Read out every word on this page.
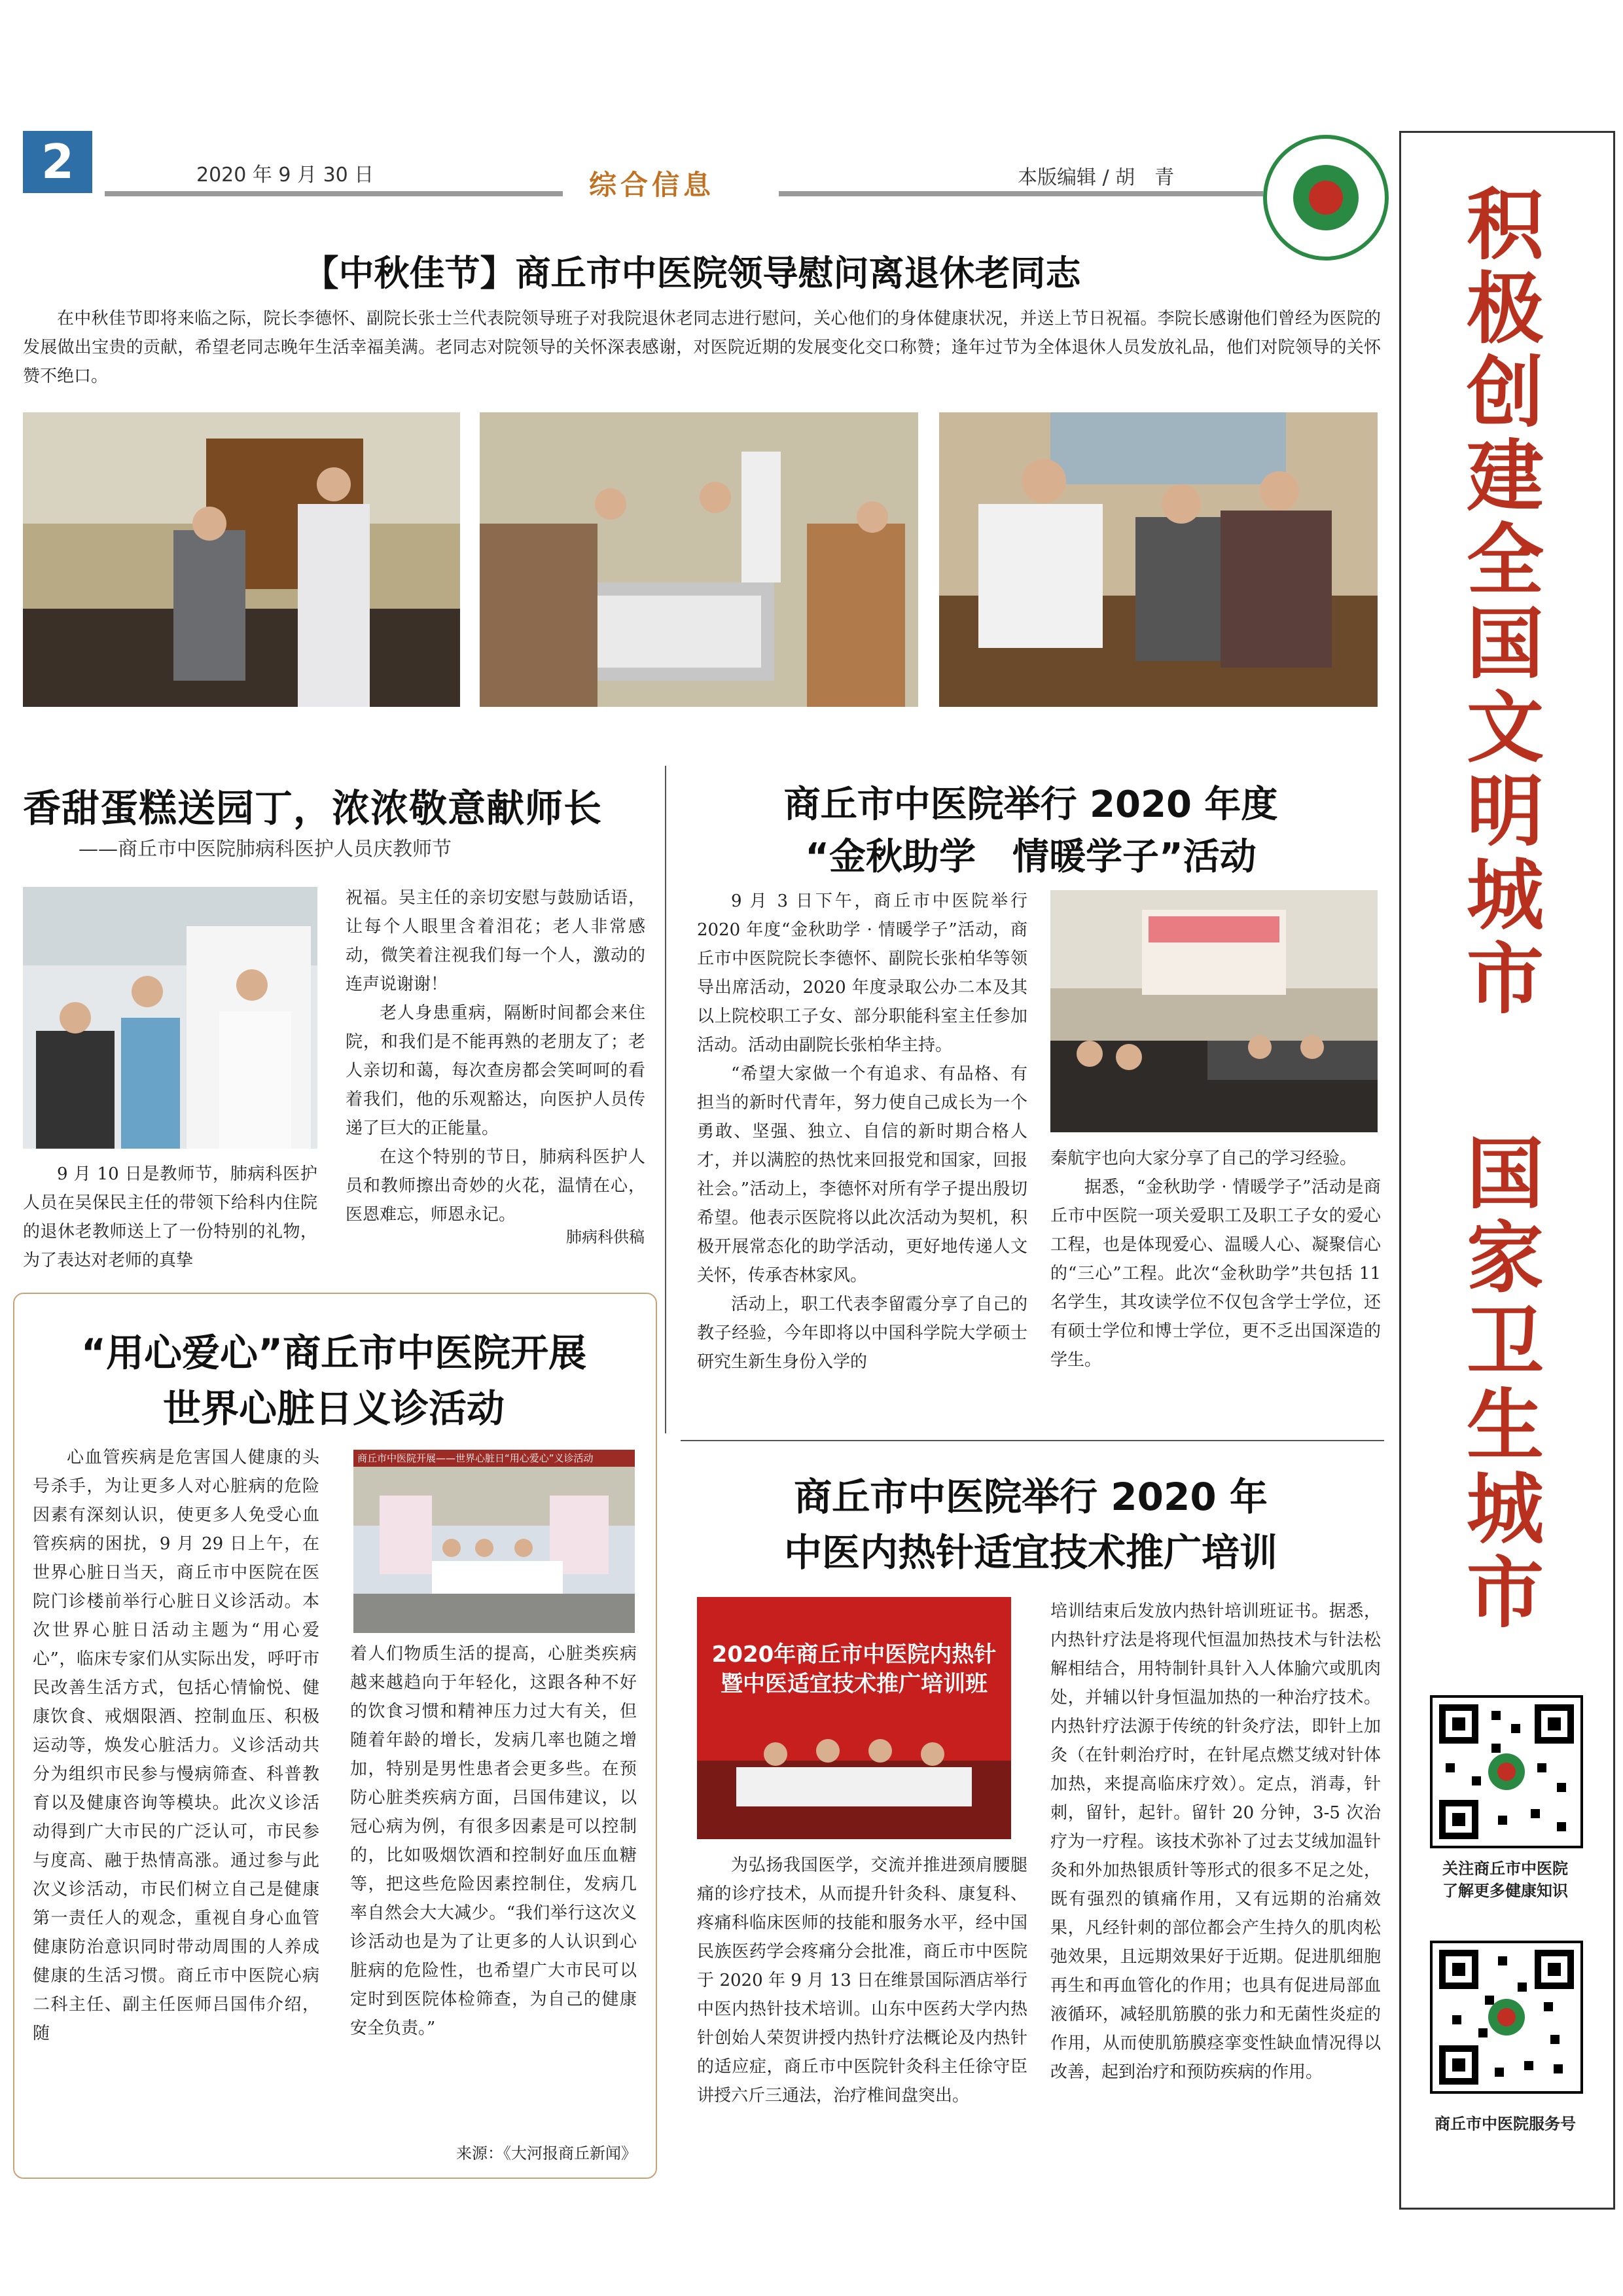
2	2020 年 9 月 30 日	综合信息	本版编辑 / 胡　青
【中秋佳节】商丘市中医院领导慰问离退休老同志

在中秋佳节即将来临之际，院长李德怀、副院长张士兰代表院领导班子对我院退休老同志进行慰问，关心他们的身体健康状况，并送上节日祝福。李院长感谢他们曾经为医院的发展做出宝贵的贡献，希望老同志晚年生活幸福美满。老同志对院领导的关怀深表感谢，对医院近期的发展变化交口称赞；逢年过节为全体退休人员发放礼品，他们对院领导的关怀赞不绝口。

香甜蛋糕送园丁，浓浓敬意献师长
——商丘市中医院肺病科医护人员庆教师节

9 月 10 日是教师节，肺病科医护人员在吴保民主任的带领下给科内住院的退休老教师送上了一份特别的礼物，为了表达对老师的真挚

祝福。吴主任的亲切安慰与鼓励话语，让每个人眼里含着泪花；老人非常感动，微笑着注视我们每一个人，激动的连声说谢谢！

老人身患重病，隔断时间都会来住院，和我们是不能再熟的老朋友了；老人亲切和蔼，每次查房都会笑呵呵的看着我们，他的乐观豁达，向医护人员传递了巨大的正能量。

在这个特别的节日，肺病科医护人员和教师擦出奇妙的火花，温情在心，医恩难忘，师恩永记。

肺病科供稿
“用心爱心”商丘市中医院开展
世界心脏日义诊活动

心血管疾病是危害国人健康的头号杀手，为让更多人对心脏病的危险因素有深刻认识，使更多人免受心血管疾病的困扰，9 月 29 日上午，在世界心脏日当天，商丘市中医院在医院门诊楼前举行心脏日义诊活动。本次世界心脏日活动主题为“用心爱心”，临床专家们从实际出发，呼吁市民改善生活方式，包括心情愉悦、健康饮食、戒烟限酒、控制血压、积极运动等，焕发心脏活力。义诊活动共分为组织市民参与慢病筛查、科普教育以及健康咨询等模块。此次义诊活动得到广大市民的广泛认可，市民参与度高、融于热情高涨。通过参与此次义诊活动，市民们树立自己是健康第一责任人的观念，重视自身心血管健康防治意识同时带动周围的人养成健康的生活习惯。商丘市中医院心病二科主任、副主任医师吕国伟介绍，随

商丘市中医院开展——世界心脏日“用心爱心”义诊活动

着人们物质生活的提高，心脏类疾病越来越趋向于年轻化，这跟各种不好的饮食习惯和精神压力过大有关，但随着年龄的增长，发病几率也随之增加，特别是男性患者会更多些。在预防心脏类疾病方面，吕国伟建议，以冠心病为例，有很多因素是可以控制的，比如吸烟饮酒和控制好血压血糖等，把这些危险因素控制住，发病几率自然会大大减少。“我们举行这次义诊活动也是为了让更多的人认识到心脏病的危险性，也希望广大市民可以定时到医院体检筛查，为自己的健康安全负责。”

来源：《大河报商丘新闻》
商丘市中医院举行 2020 年度
“金秋助学　情暖学子”活动

9 月 3 日下午，商丘市中医院举行 2020 年度“金秋助学 · 情暖学子”活动，商丘市中医院院长李德怀、副院长张柏华等领导出席活动，2020 年度录取公办二本及其以上院校职工子女、部分职能科室主任参加活动。活动由副院长张柏华主持。

“希望大家做一个有追求、有品格、有担当的新时代青年，努力使自己成长为一个勇敢、坚强、独立、自信的新时期合格人才，并以满腔的热忱来回报党和国家，回报社会。”活动上，李德怀对所有学子提出殷切希望。他表示医院将以此次活动为契机，积极开展常态化的助学活动，更好地传递人文关怀，传承杏林家风。

活动上，职工代表李留霞分享了自己的教子经验，今年即将以中国科学院大学硕士研究生新生身份入学的

秦航宇也向大家分享了自己的学习经验。

据悉，“金秋助学 · 情暖学子”活动是商丘市中医院一项关爱职工及职工子女的爱心工程，也是体现爱心、温暖人心、凝聚信心的“三心”工程。此次“金秋助学”共包括 11 名学生，其攻读学位不仅包含学士学位，还有硕士学位和博士学位，更不乏出国深造的学生。

商丘市中医院举行 2020 年
中医内热针适宜技术推广培训
2020年商丘市中医院内热针
暨中医适宜技术推广培训班

为弘扬我国医学，交流并推进颈肩腰腿痛的诊疗技术，从而提升针灸科、康复科、疼痛科临床医师的技能和服务水平，经中国民族医药学会疼痛分会批准，商丘市中医院于 2020 年 9 月 13 日在维景国际酒店举行中医内热针技术培训。山东中医药大学内热针创始人荣贺讲授内热针疗法概论及内热针的适应症，商丘市中医院针灸科主任徐守臣讲授六斤三通法，治疗椎间盘突出。

培训结束后发放内热针培训班证书。据悉，内热针疗法是将现代恒温加热技术与针法松解相结合，用特制针具针入人体腧穴或肌肉处，并辅以针身恒温加热的一种治疗技术。内热针疗法源于传统的针灸疗法，即针上加灸（在针刺治疗时，在针尾点燃艾绒对针体加热，来提高临床疗效）。定点，消毒，针刺，留针，起针。留针 20 分钟，3-5 次治疗为一疗程。该技术弥补了过去艾绒加温针灸和外加热银质针等形式的很多不足之处，既有强烈的镇痛作用，又有远期的治痛效果，凡经针刺的部位都会产生持久的肌肉松弛效果，且远期效果好于近期。促进肌细胞再生和再血管化的作用；也具有促进局部血液循环，减轻肌筋膜的张力和无菌性炎症的作用，从而使肌筋膜痉挛变性缺血情况得以改善，起到治疗和预防疾病的作用。

积极创建全国文明城市
国家卫生城市
关注商丘市中医院
了解更多健康知识
商丘市中医院服务号
